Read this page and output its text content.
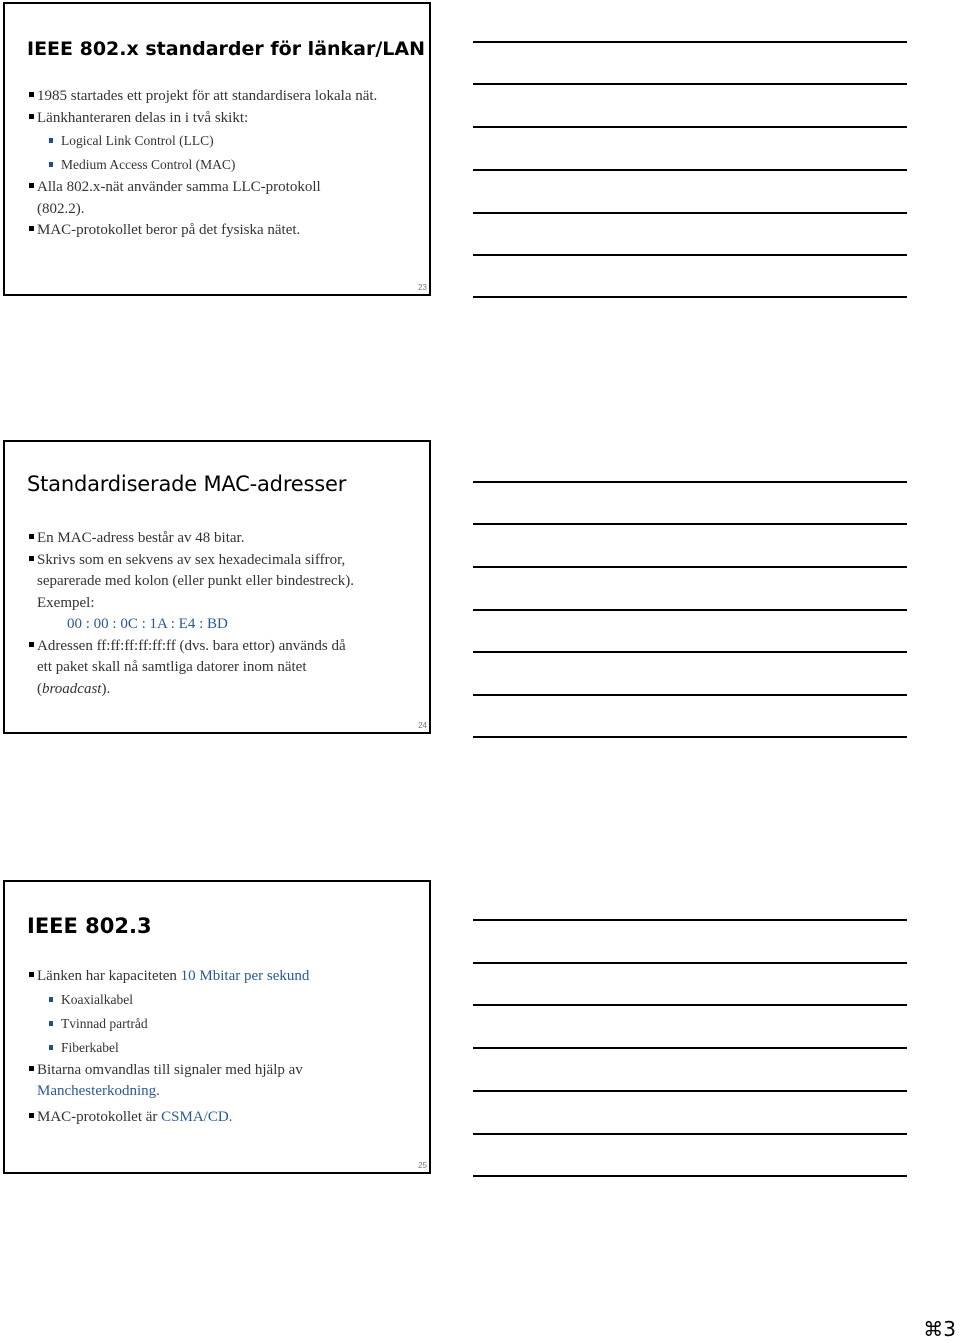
IEEE 802.x standarder för länkar/LAN
1985 startades ett projekt för att standardisera lokala nät.
Länkhanteraren delas in i två skikt:
Logical Link Control (LLC)
Medium Access Control (MAC)
Alla 802.x-nät använder samma LLC-protokoll (802.2).
MAC-protokollet beror på det fysiska nätet.
23
Standardiserade MAC-adresser
En MAC-adress består av 48 bitar.
Skrivs som en sekvens av sex hexadecimala siffror,
separerade med kolon (eller punkt eller bindestreck).
Exempel:
00 : 00 : 0C : 1A : E4 : BD
Adressen ff:ff:ff:ff:ff:ff (dvs. bara ettor) används då
ett paket skall nå samtliga datorer inom nätet
(broadcast).
24
IEEE 802.3
Länken har kapaciteten 10 Mbitar per sekund
Koaxialkabel
Tvinnad partråd
Fiberkabel
Bitarna omvandlas till signaler med hjälp av
Manchesterkodning.
MAC-protokollet är CSMA/CD.
25
⌘3
